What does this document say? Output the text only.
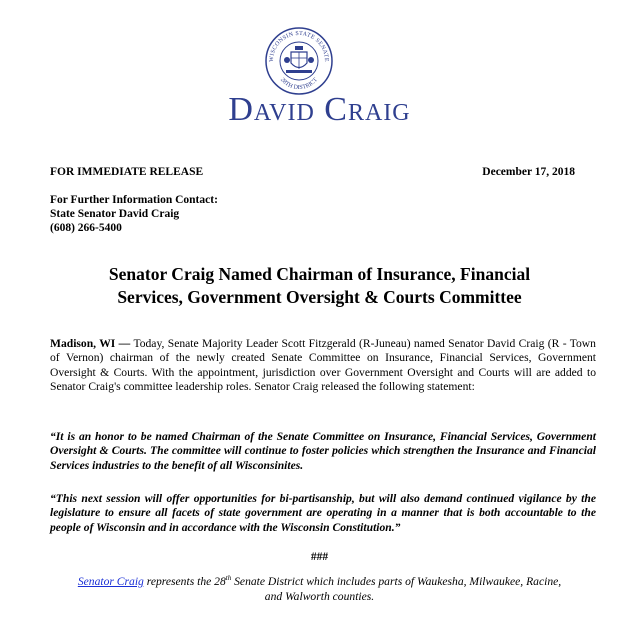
WISCONSIN STATE SENATE
28TH DISTRICT
David Craig
FOR IMMEDIATE RELEASE	December 17, 2018
For Further Information Contact:
State Senator David Craig
(608) 266-5400
Senator Craig Named Chairman of Insurance, Financial
Services, Government Oversight & Courts Committee
Madison, WI — Today, Senate Majority Leader Scott Fitzgerald (R-Juneau) named Senator David Craig (R - Town of Vernon) chairman of the newly created Senate Committee on Insurance, Financial Services, Government Oversight & Courts. With the appointment, jurisdiction over Government Oversight and Courts will are added to Senator Craig's committee leadership roles. Senator Craig released the following statement:
“It is an honor to be named Chairman of the Senate Committee on Insurance, Financial Services, Government Oversight & Courts. The committee will continue to foster policies which strengthen the Insurance and Financial Services industries to the benefit of all Wisconsinites.
“This next session will offer opportunities for bi-partisanship, but will also demand continued vigilance by the legislature to ensure all facets of state government are operating in a manner that is both accountable to the people of Wisconsin and in accordance with the Wisconsin Constitution.”
###
Senator Craig represents the 28th Senate District which includes parts of Waukesha, Milwaukee, Racine,
and Walworth counties.
